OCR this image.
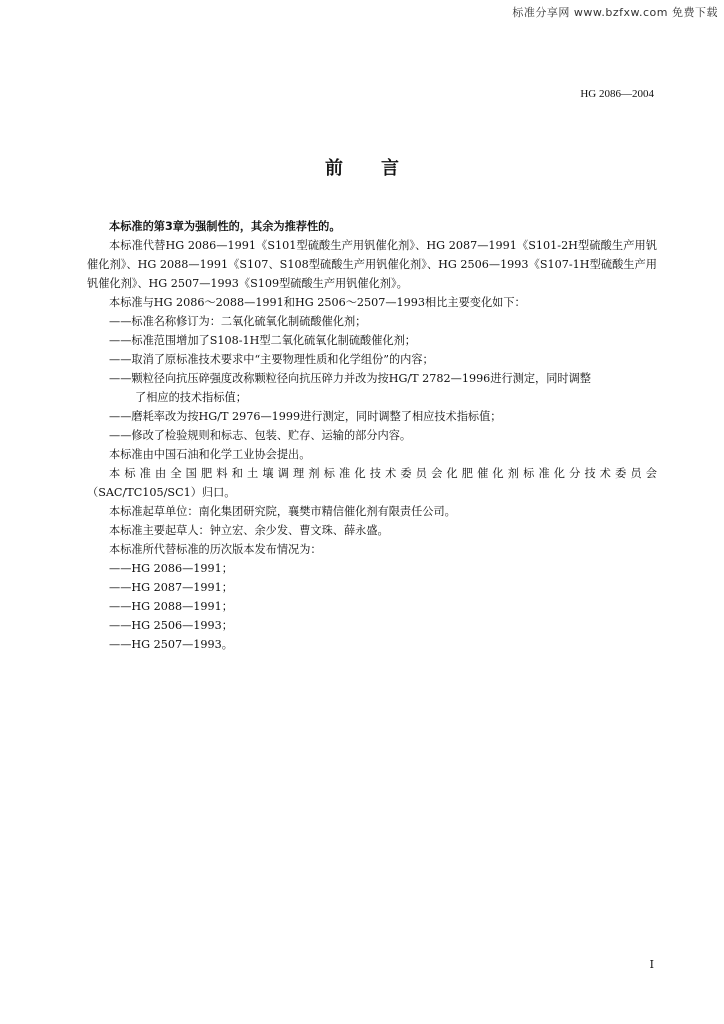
标准分享网 www.bzfxw.com 免费下载
HG 2086—2004
前言

本标准的第3章为强制性的，其余为推荐性的。

本标准代替HG 2086—1991《S101型硫酸生产用钒催化剂》、HG 2087—1991《S101-2H型硫酸生产用钒催化剂》、HG 2088—1991《S107、S108型硫酸生产用钒催化剂》、HG 2506—1993《S107-1H型硫酸生产用钒催化剂》、HG 2507—1993《S109型硫酸生产用钒催化剂》。

本标准与HG 2086～2088—1991和HG 2506～2507—1993相比主要变化如下：

——标准名称修订为：二氧化硫氧化制硫酸催化剂；

——标准范围增加了S108-1H型二氧化硫氧化制硫酸催化剂；

——取消了原标准技术要求中“主要物理性质和化学组份”的内容；

——颗粒径向抗压碎强度改称颗粒径向抗压碎力并改为按HG/T 2782—1996进行测定，同时调整

了相应的技术指标值；

——磨耗率改为按HG/T 2976—1999进行测定，同时调整了相应技术指标值；

——修改了检验规则和标志、包装、贮存、运输的部分内容。

本标准由中国石油和化学工业协会提出。

本标准由全国肥料和土壤调理剂标准化技术委员会化肥催化剂标准化分技术委员会

（SAC/TC105/SC1）归口。

本标准起草单位：南化集团研究院，襄樊市精信催化剂有限责任公司。

本标准主要起草人：钟立宏、余少发、曹文珠、薛永盛。

本标准所代替标准的历次版本发布情况为：

——HG 2086—1991；

——HG 2087—1991；

——HG 2088—1991；

——HG 2506—1993；

——HG 2507—1993。

I
